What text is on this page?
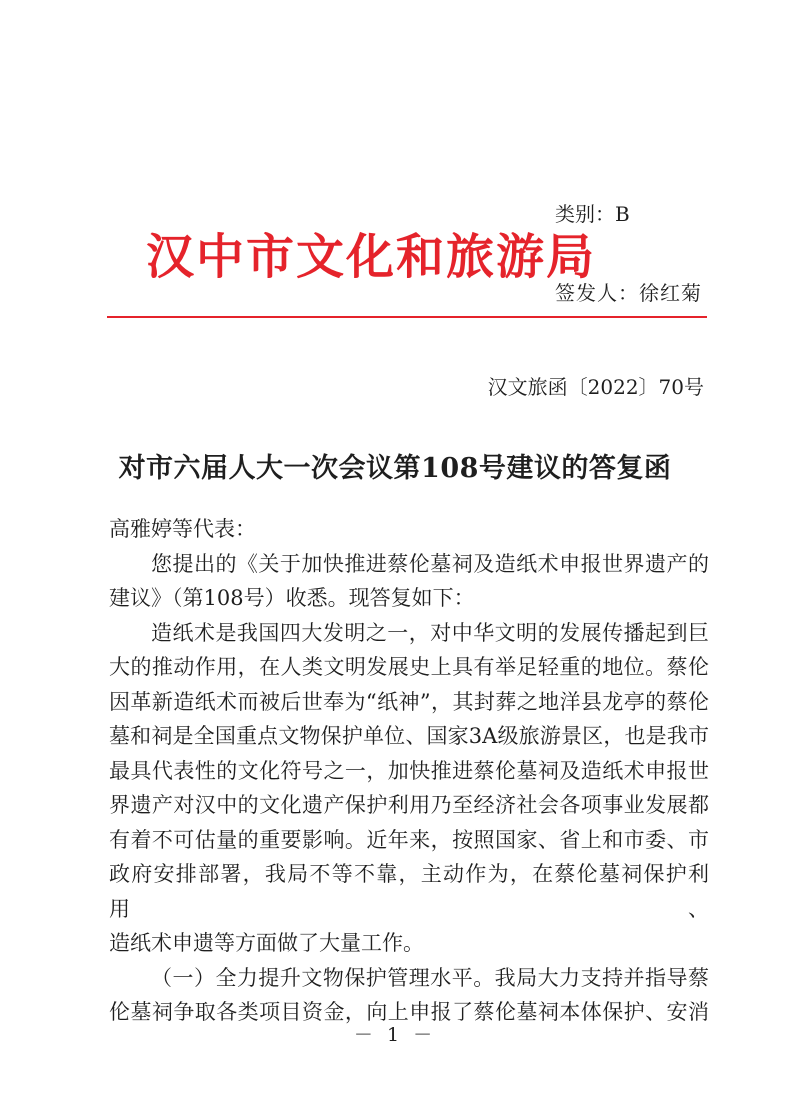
类别：B
汉中市文化和旅游局
签发人：徐红菊
汉文旅函〔2022〕70号
对市六届人大一次会议第108号建议的答复函

高雅婷等代表：

您提出的《关于加快推进蔡伦墓祠及造纸术申报世界遗产的

建议》（第108号）收悉。现答复如下：

造纸术是我国四大发明之一，对中华文明的发展传播起到巨

大的推动作用，在人类文明发展史上具有举足轻重的地位。蔡伦

因革新造纸术而被后世奉为“纸神”，其封葬之地洋县龙亭的蔡伦

墓和祠是全国重点文物保护单位、国家3A级旅游景区，也是我市

最具代表性的文化符号之一，加快推进蔡伦墓祠及造纸术申报世

界遗产对汉中的文化遗产保护利用乃至经济社会各项事业发展都

有着不可估量的重要影响。近年来，按照国家、省上和市委、市

政府安排部署，我局不等不靠，主动作为，在蔡伦墓祠保护利用、

造纸术申遗等方面做了大量工作。

（一）全力提升文物保护管理水平。我局大力支持并指导蔡

伦墓祠争取各类项目资金，向上申报了蔡伦墓祠本体保护、安消

－ 1 －
